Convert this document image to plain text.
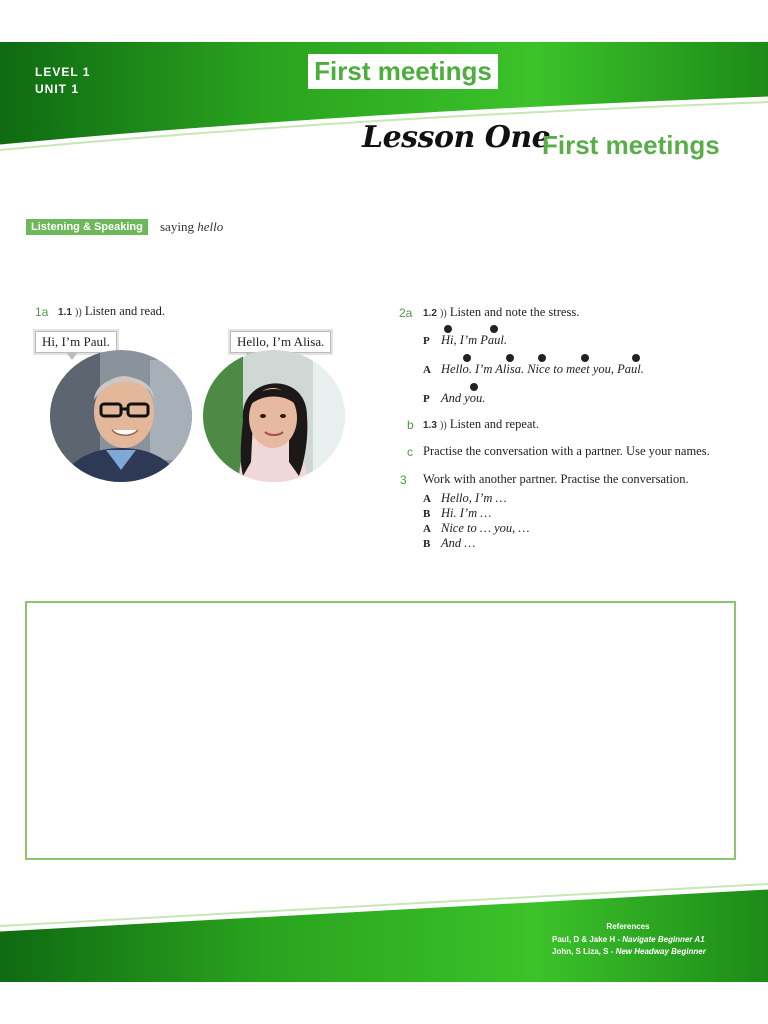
LEVEL 1
UNIT 1
First meetings
Lesson One
First meetings
Listening & Speaking	saying hello
1a 1.1 )) Listen and read.
Hi, I’m Paul.	Hello, I’m Alisa.
2a 1.2 )) Listen and note the stress.
P Hi, I’m Paul.
A Hello. I’m Alisa. Nice to meet you, Paul.
P And you.
b 1.3 )) Listen and repeat.
c Practise the conversation with a partner. Use your names.
3 Work with another partner. Practise the conversation.
A Hello, I’m …
B Hi. I’m …
A Nice to … you, …
B And …
References
Paul, D & Jake H - Navigate Beginner A1
John, S Liza, S - New Headway Beginner
